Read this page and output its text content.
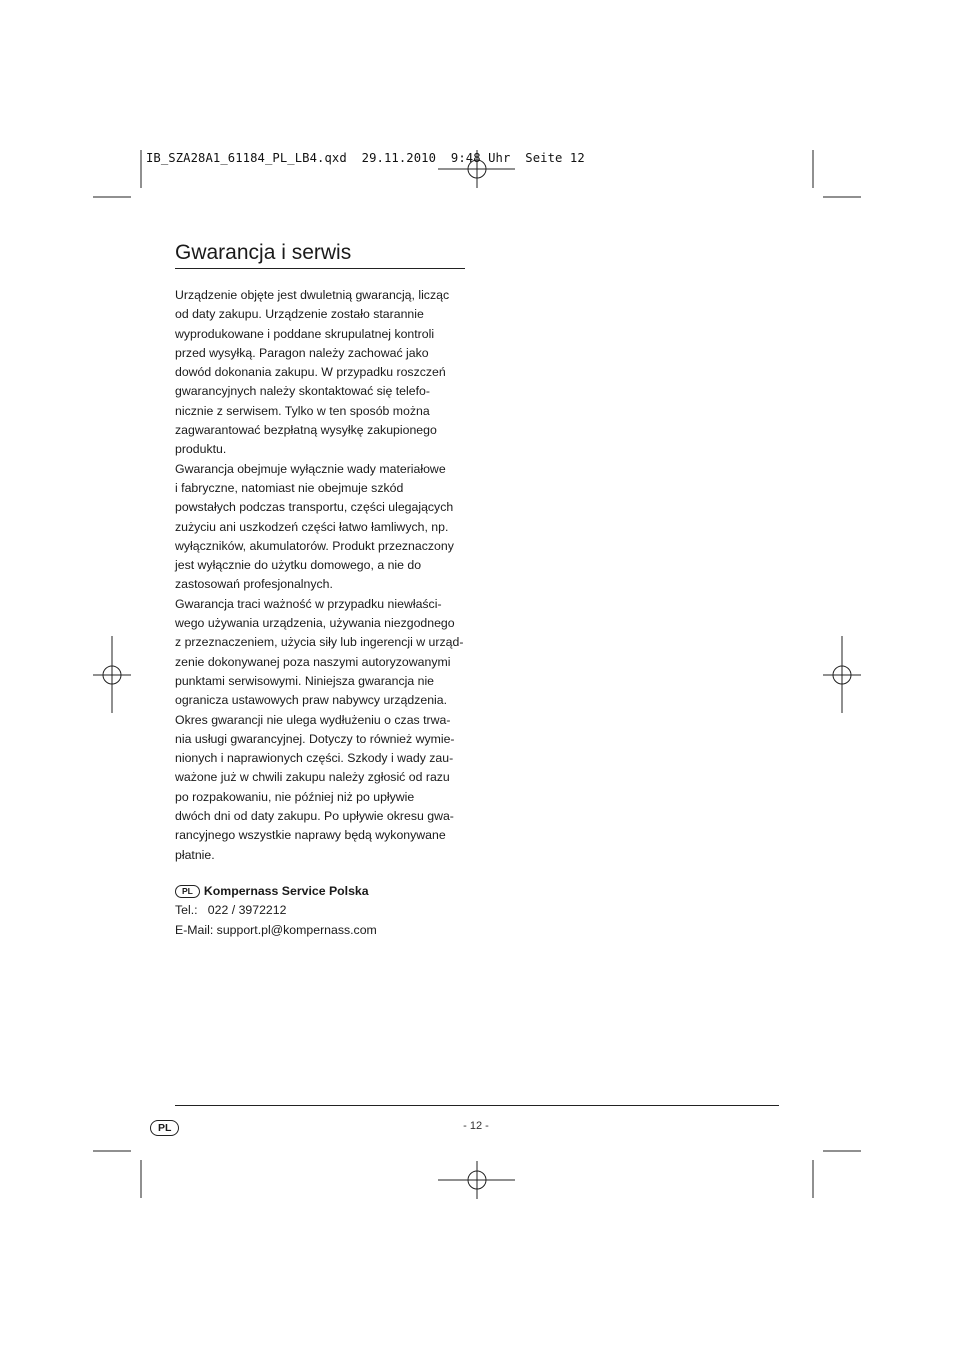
IB_SZA28A1_61184_PL_LB4.qxd  29.11.2010  9:48 Uhr  Seite 12
Gwarancja i serwis
Urządzenie objęte jest dwuletnią gwarancją, licząc
od daty zakupu. Urządzenie zostało starannie
wyprodukowane i poddane skrupulatnej kontroli
przed wysyłką. Paragon należy zachować jako
dowód dokonania zakupu. W przypadku roszczeń
gwarancyjnych należy skontaktować się telefo-
nicznie z serwisem. Tylko w ten sposób można
zagwarantować bezpłatną wysyłkę zakupionego
produktu.
Gwarancja obejmuje wyłącznie wady materiałowe
i fabryczne, natomiast nie obejmuje szkód
powstałych podczas transportu, części ulegających
zużyciu ani uszkodzeń części łatwo łamliwych, np.
wyłączników, akumulatorów. Produkt przeznaczony
jest wyłącznie do użytku domowego, a nie do
zastosowań profesjonalnych.
Gwarancja traci ważność w przypadku niewłaści-
wego używania urządzenia, używania niezgodnego
z przeznaczeniem, użycia siły lub ingerencji w urząd-
zenie dokonywanej poza naszymi autoryzowanymi
punktami serwisowymi. Niniejsza gwarancja nie
ogranicza ustawowych praw nabywcy urządzenia.
Okres gwarancji nie ulega wydłużeniu o czas trwa-
nia usługi gwarancyjnej. Dotyczy to również wymie-
nionych i naprawionych części. Szkody i wady zau-
ważone już w chwili zakupu należy zgłosić od razu
po rozpakowaniu, nie później niż po upływie
dwóch dni od daty zakupu. Po upływie okresu gwa-
rancyjnego wszystkie naprawy będą wykonywane
płatnie.
PL Kompernass Service Polska
Tel.:   022 / 3972212
E-Mail: support.pl@kompernass.com
PL	- 12 -
